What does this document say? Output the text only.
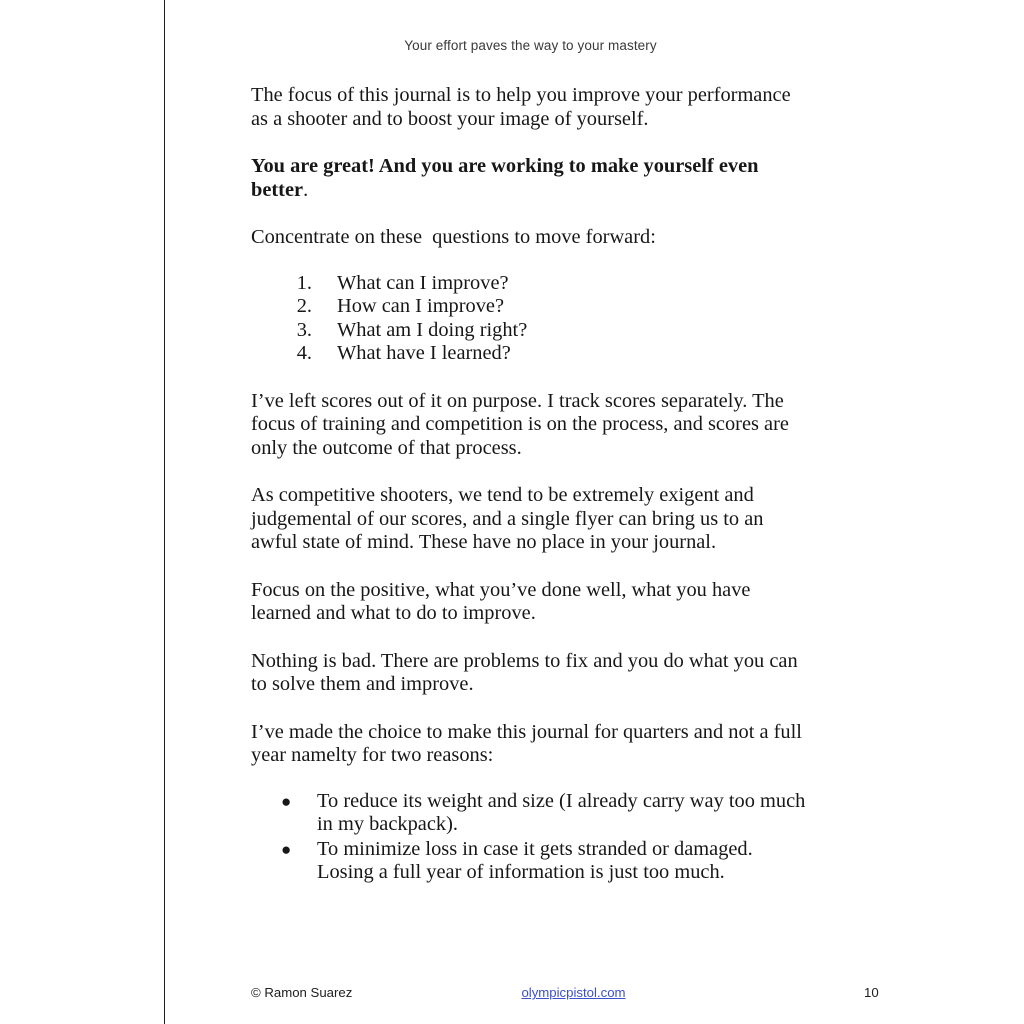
Your effort paves the way to your mastery

The focus of this journal is to help you improve your performance as a shooter and to boost your image of yourself.

You are great! And you are working to make yourself even better.

Concentrate on these  questions to move forward:

1.	What can I improve?
2.	How can I improve?
3.	What am I doing right?
4.	What have I learned?

I’ve left scores out of it on purpose. I track scores separately. The focus of training and competition is on the process, and scores are only the outcome of that process.

As competitive shooters, we tend to be extremely exigent and judgemental of our scores, and a single flyer can bring us to an awful state of mind. These have no place in your journal.

Focus on the positive, what you’ve done well, what you have learned and what to do to improve.

Nothing is bad. There are problems to fix and you do what you can to solve them and improve.

I’ve made the choice to make this journal for quarters and not a full year namelty for two reasons:

●	To reduce its weight and size (I already carry way too much in my backpack).
●	To minimize loss in case it gets stranded or damaged. Losing a full year of information is just too much.
© Ramon Suarez	olympicpistol.com	10
